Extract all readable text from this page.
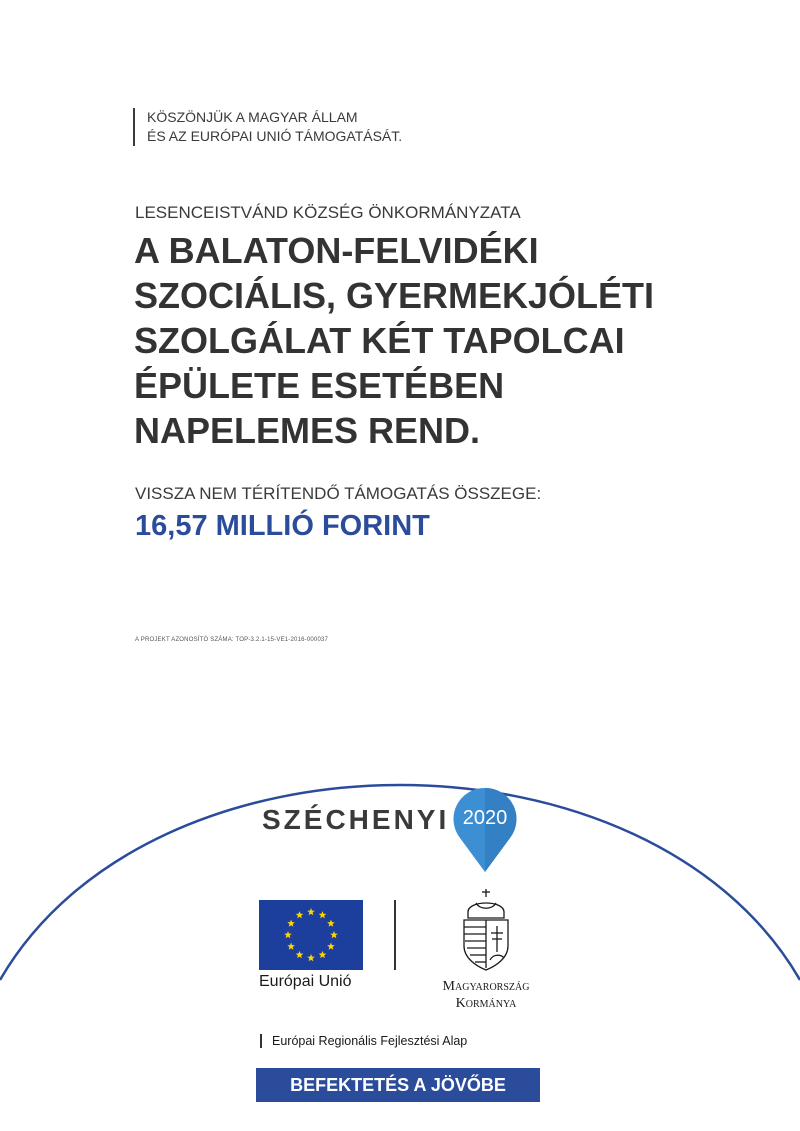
KÖSZÖNJÜK A MAGYAR ÁLLAM
ÉS AZ EURÓPAI UNIÓ TÁMOGATÁSÁT.
LESENCEISTVÁND KÖZSÉG ÖNKORMÁNYZATA
A BALATON-FELVIDÉKI
SZOCIÁLIS, GYERMEKJÓLÉTI
SZOLGÁLAT KÉT TAPOLCAI
ÉPÜLETE ESETÉBEN
NAPELEMES REND.
VISSZA NEM TÉRÍTENDŐ TÁMOGATÁS ÖSSZEGE:
16,57 MILLIÓ FORINT
A PROJEKT AZONOSÍTÓ SZÁMA: TOP-3.2.1-15-VE1-2016-000037
SZÉCHENYI 2020
Európai Unió	Magyarország
Kormánya
Európai Regionális Fejlesztési Alap
BEFEKTETÉS A JÖVŐBE
